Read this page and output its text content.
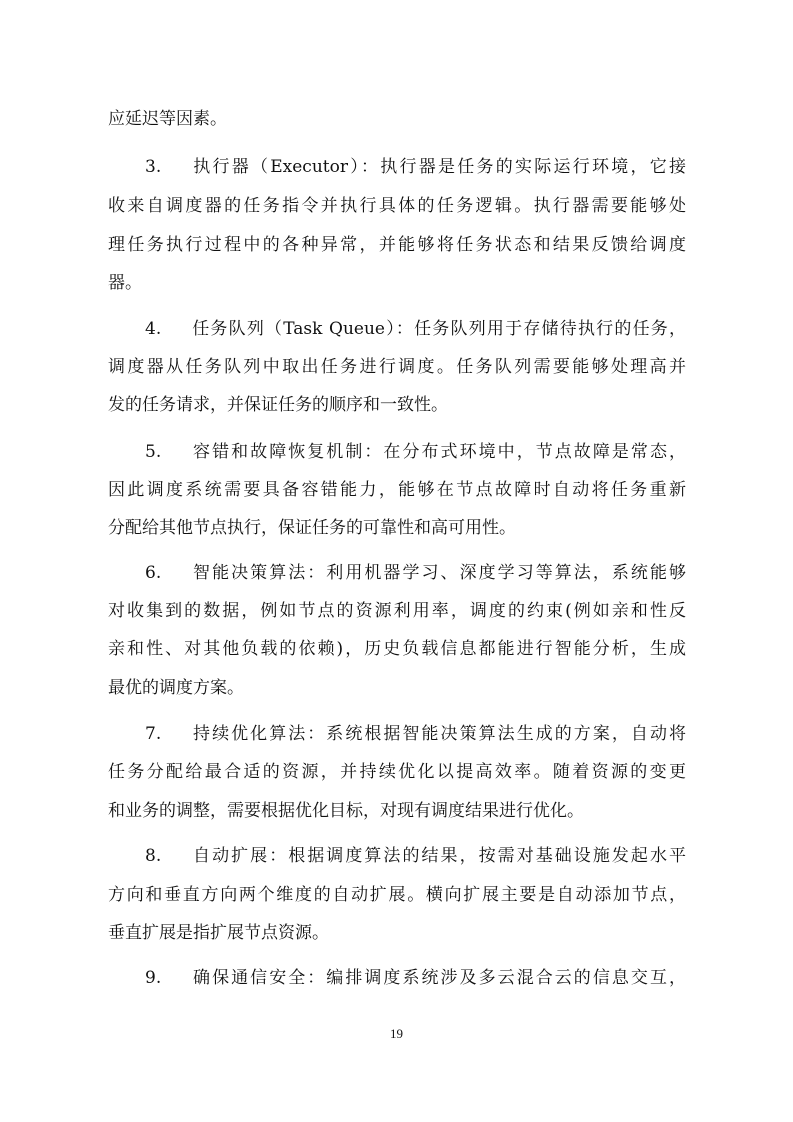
应延迟等因素。
3. 执行器（Executor）：执行器是任务的实际运行环境，它接
收来自调度器的任务指令并执行具体的任务逻辑。执行器需要能够处
理任务执行过程中的各种异常，并能够将任务状态和结果反馈给调度
器。
4. 任务队列（Task Queue）：任务队列用于存储待执行的任务，
调度器从任务队列中取出任务进行调度。任务队列需要能够处理高并
发的任务请求，并保证任务的顺序和一致性。
5. 容错和故障恢复机制：在分布式环境中，节点故障是常态，
因此调度系统需要具备容错能力，能够在节点故障时自动将任务重新
分配给其他节点执行，保证任务的可靠性和高可用性。
6. 智能决策算法：利用机器学习、深度学习等算法，系统能够
对收集到的数据，例如节点的资源利用率，调度的约束(例如亲和性反
亲和性、对其他负载的依赖)，历史负载信息都能进行智能分析，生成
最优的调度方案。
7. 持续优化算法：系统根据智能决策算法生成的方案，自动将
任务分配给最合适的资源，并持续优化以提高效率。随着资源的变更
和业务的调整，需要根据优化目标，对现有调度结果进行优化。
8. 自动扩展：根据调度算法的结果，按需对基础设施发起水平
方向和垂直方向两个维度的自动扩展。横向扩展主要是自动添加节点，
垂直扩展是指扩展节点资源。
9. 确保通信安全：编排调度系统涉及多云混合云的信息交互，
19
